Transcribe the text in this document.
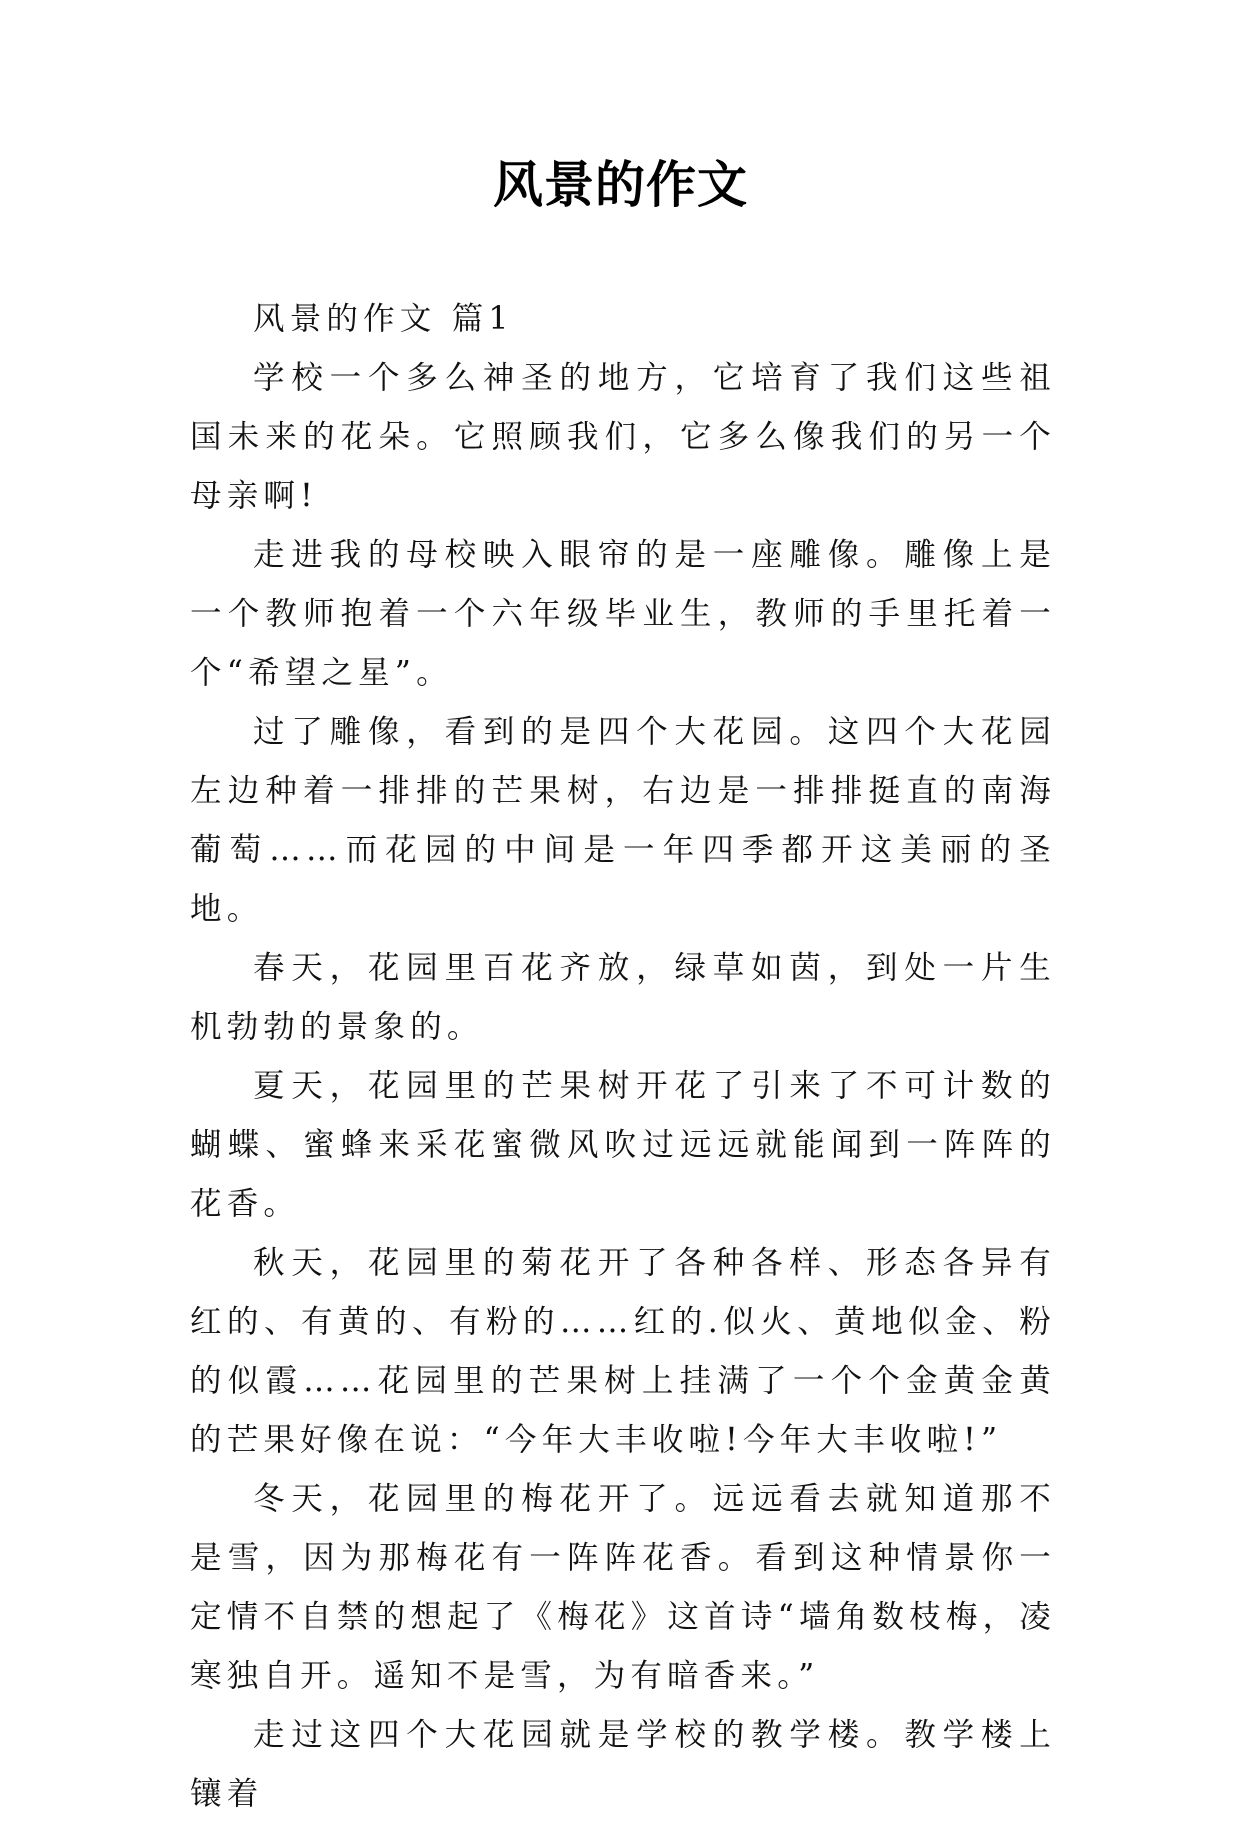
风景的作文

风景的作文 篇1

学校一个多么神圣的地方，它培育了我们这些祖国未来的花朵。它照顾我们，它多么像我们的另一个母亲啊!

走进我的母校映入眼帘的是一座雕像。雕像上是一个教师抱着一个六年级毕业生，教师的手里托着一个“希望之星”。

过了雕像，看到的是四个大花园。这四个大花园左边种着一排排的芒果树，右边是一排排挺直的南海葡萄……而花园的中间是一年四季都开这美丽的圣地。

春天，花园里百花齐放，绿草如茵，到处一片生机勃勃的景象的。

夏天，花园里的芒果树开花了引来了不可计数的蝴蝶、蜜蜂来采花蜜微风吹过远远就能闻到一阵阵的花香。

秋天，花园里的菊花开了各种各样、形态各异有红的、有黄的、有粉的……红的.似火、黄地似金、粉的似霞……花园里的芒果树上挂满了一个个金黄金黄的芒果好像在说：“今年大丰收啦!今年大丰收啦!”

冬天，花园里的梅花开了。远远看去就知道那不是雪，因为那梅花有一阵阵花香。看到这种情景你一定情不自禁的想起了《梅花》这首诗“墙角数枝梅，凌寒独自开。遥知不是雪，为有暗香来。”

走过这四个大花园就是学校的教学楼。教学楼上镶着
